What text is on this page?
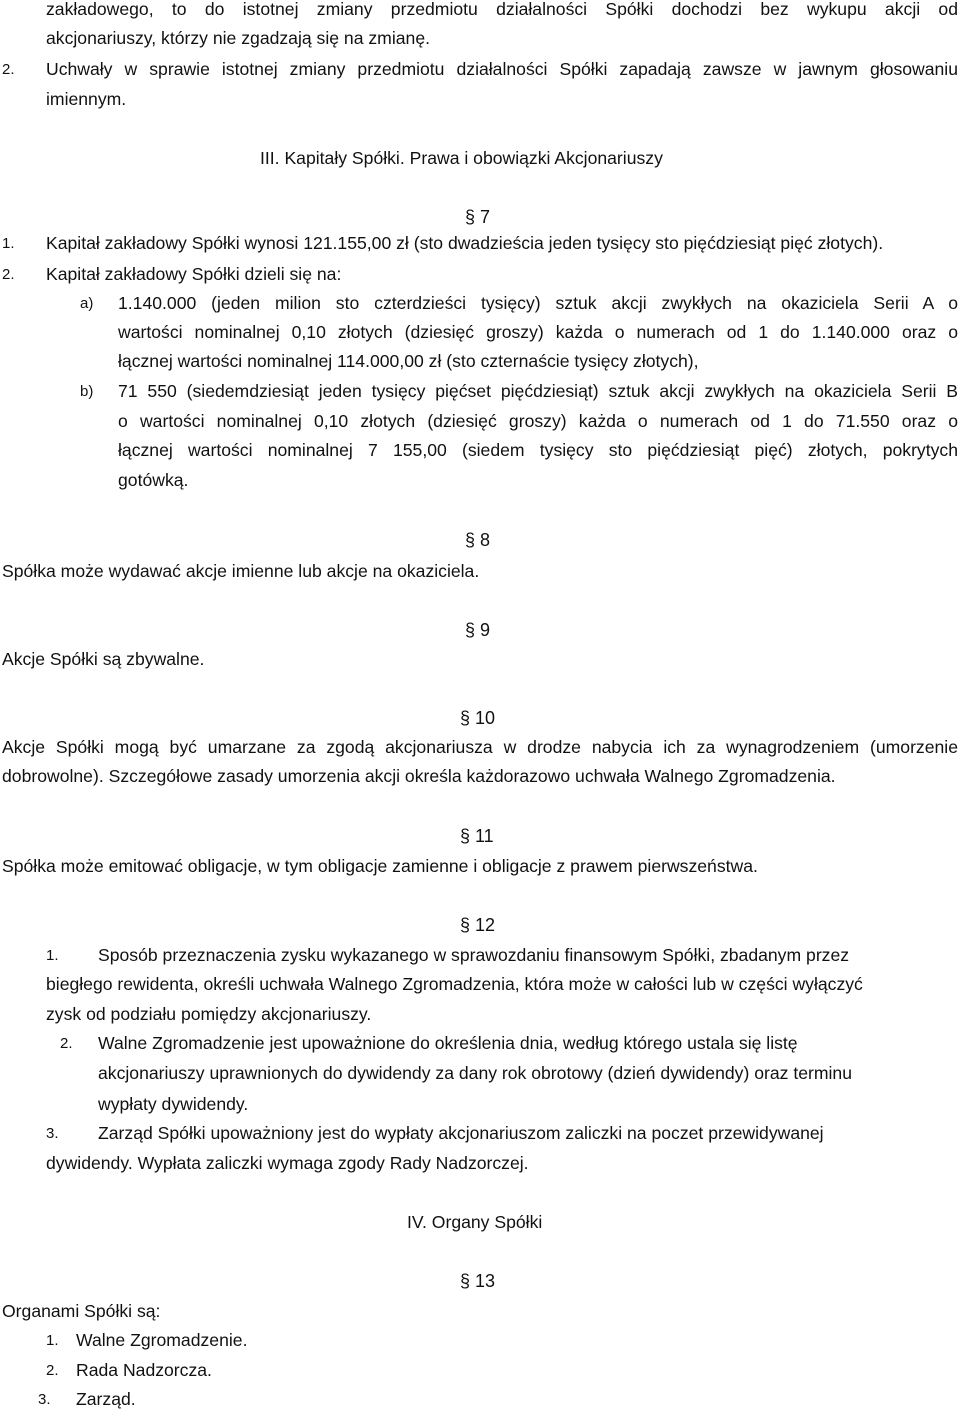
zakładowego, to do istotnej zmiany przedmiotu działalności Spółki dochodzi bez wykupu akcji od
akcjonariuszy, którzy nie zgadzają się na zmianę.
2. Uchwały w sprawie istotnej zmiany przedmiotu działalności Spółki zapadają zawsze w jawnym głosowaniu
imiennym.
III. Kapitały Spółki. Prawa i obowiązki Akcjonariuszy
§ 7
1. Kapitał zakładowy Spółki wynosi 121.155,00 zł (sto dwadzieścia jeden tysięcy sto pięćdziesiąt pięć złotych).
2. Kapitał zakładowy Spółki dzieli się na:
a) 1.140.000 (jeden milion sto czterdzieści tysięcy) sztuk akcji zwykłych na okaziciela Serii A o
wartości nominalnej 0,10 złotych (dziesięć groszy) każda o numerach od 1 do 1.140.000 oraz o
łącznej wartości nominalnej 114.000,00 zł (sto czternaście tysięcy złotych),
b) 71 550 (siedemdziesiąt jeden tysięcy pięćset pięćdziesiąt) sztuk akcji zwykłych na okaziciela Serii B
o wartości nominalnej 0,10 złotych (dziesięć groszy) każda o numerach od 1 do 71.550 oraz o
łącznej wartości nominalnej 7 155,00 (siedem tysięcy sto pięćdziesiąt pięć) złotych, pokrytych
gotówką.
§ 8
Spółka może wydawać akcje imienne lub akcje na okaziciela.
§ 9
Akcje Spółki są zbywalne.
§ 10
Akcje Spółki mogą być umarzane za zgodą akcjonariusza w drodze nabycia ich za wynagrodzeniem (umorzenie
dobrowolne). Szczegółowe zasady umorzenia akcji określa każdorazowo uchwała Walnego Zgromadzenia.
§ 11
Spółka może emitować obligacje, w tym obligacje zamienne i obligacje z prawem pierwszeństwa.
§ 12
1. Sposób przeznaczenia zysku wykazanego w sprawozdaniu finansowym Spółki, zbadanym przez
biegłego rewidenta, określi uchwała Walnego Zgromadzenia, która może w całości lub w części wyłączyć
zysk od podziału pomiędzy akcjonariuszy.
2. Walne Zgromadzenie jest upoważnione do określenia dnia, według którego ustala się listę
akcjonariuszy uprawnionych do dywidendy za dany rok obrotowy (dzień dywidendy) oraz terminu
wypłaty dywidendy.
3. Zarząd Spółki upoważniony jest do wypłaty akcjonariuszom zaliczki na poczet przewidywanej
dywidendy. Wypłata zaliczki wymaga zgody Rady Nadzorczej.
IV. Organy Spółki
§ 13
Organami Spółki są:
1. Walne Zgromadzenie.
2. Rada Nadzorcza.
3. Zarząd.
